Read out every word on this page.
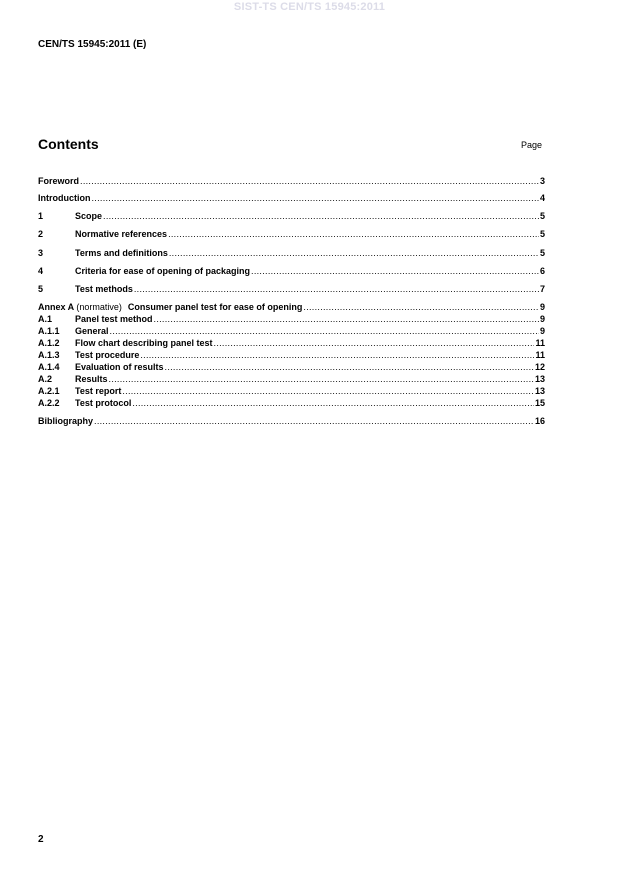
SIST-TS CEN/TS 15945:2011
CEN/TS 15945:2011 (E)
Contents	Page
Foreword .....	3
Introduction .....	4
1	Scope .....	5
2	Normative references .....	5
3	Terms and definitions .....	5
4	Criteria for ease of opening of packaging .....	6
5	Test methods .....	7
Annex A (normative) Consumer panel test for ease of opening .....	9
A.1	Panel test method .....	9
A.1.1	General .....	9
A.1.2	Flow chart describing panel test .....	11
A.1.3	Test procedure .....	11
A.1.4	Evaluation of results .....	12
A.2	Results .....	13
A.2.1	Test report .....	13
A.2.2	Test protocol .....	15
Bibliography .....	16
2
